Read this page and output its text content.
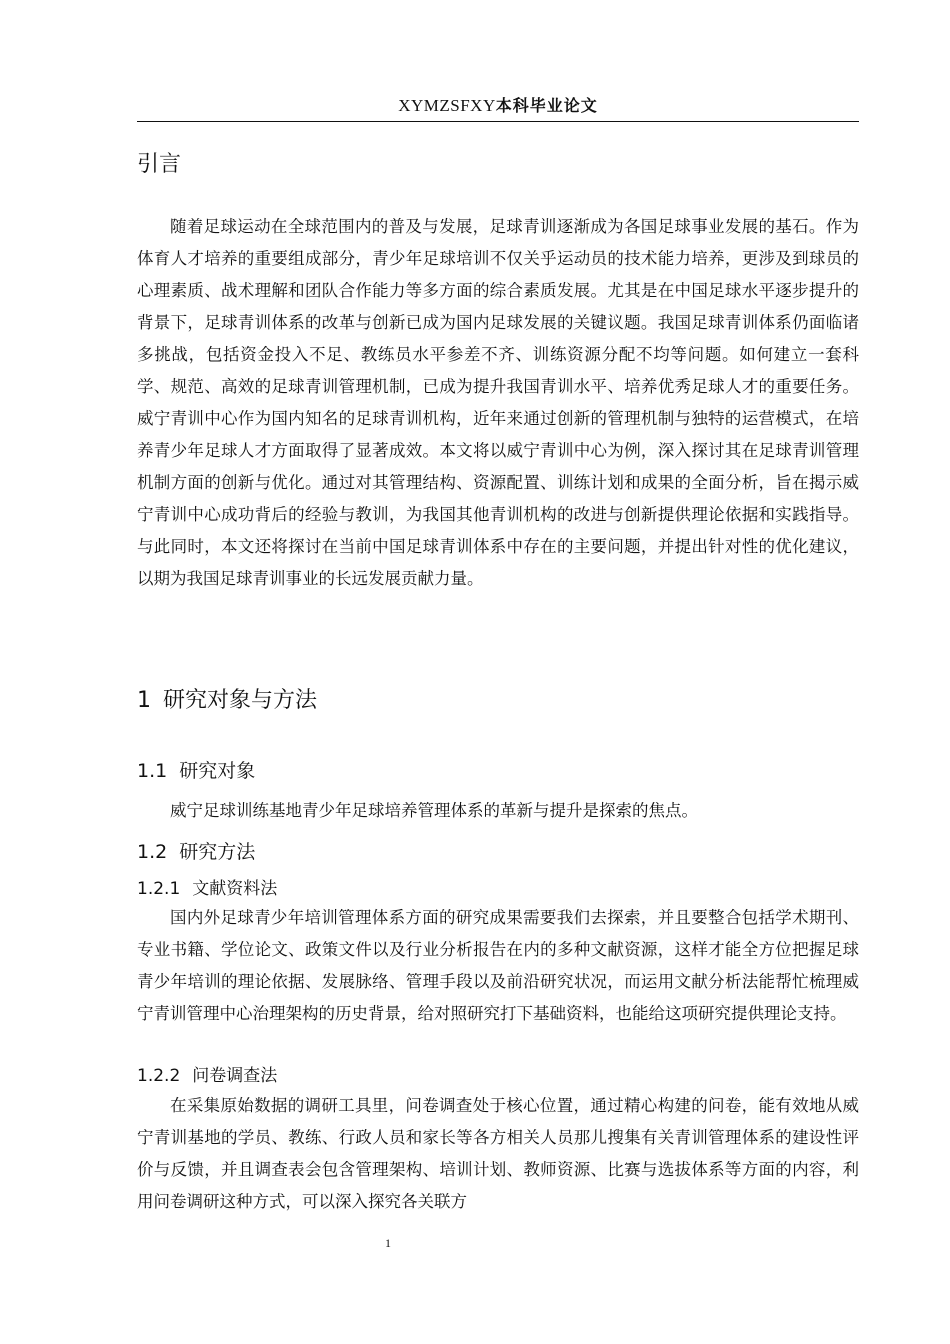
XYMZSFXY本科毕业论文
引言

随着足球运动在全球范围内的普及与发展，足球青训逐渐成为各国足球事业发展的基石。作为体育人才培养的重要组成部分，青少年足球培训不仅关乎运动员的技术能力培养，更涉及到球员的心理素质、战术理解和团队合作能力等多方面的综合素质发展。尤其是在中国足球水平逐步提升的背景下，足球青训体系的改革与创新已成为国内足球发展的关键议题。我国足球青训体系仍面临诸多挑战，包括资金投入不足、教练员水平参差不齐、训练资源分配不均等问题。如何建立一套科学、规范、高效的足球青训管理机制，已成为提升我国青训水平、培养优秀足球人才的重要任务。威宁青训中心作为国内知名的足球青训机构，近年来通过创新的管理机制与独特的运营模式，在培养青少年足球人才方面取得了显著成效。本文将以威宁青训中心为例，深入探讨其在足球青训管理机制方面的创新与优化。通过对其管理结构、资源配置、训练计划和成果的全面分析，旨在揭示威宁青训中心成功背后的经验与教训，为我国其他青训机构的改进与创新提供理论依据和实践指导。与此同时，本文还将探讨在当前中国足球青训体系中存在的主要问题，并提出针对性的优化建议，以期为我国足球青训事业的长远发展贡献力量。

1 研究对象与方法
1.1 研究对象

威宁足球训练基地青少年足球培养管理体系的革新与提升是探索的焦点。

1.2 研究方法
1.2.1 文献资料法

国内外足球青少年培训管理体系方面的研究成果需要我们去探索，并且要整合包括学术期刊、专业书籍、学位论文、政策文件以及行业分析报告在内的多种文献资源，这样才能全方位把握足球青少年培训的理论依据、发展脉络、管理手段以及前沿研究状况，而运用文献分析法能帮忙梳理威宁青训管理中心治理架构的历史背景，给对照研究打下基础资料，也能给这项研究提供理论支持。

1.2.2 问卷调查法

在采集原始数据的调研工具里，问卷调查处于核心位置，通过精心构建的问卷，能有效地从威宁青训基地的学员、教练、行政人员和家长等各方相关人员那儿搜集有关青训管理体系的建设性评价与反馈，并且调查表会包含管理架构、培训计划、教师资源、比赛与选拔体系等方面的内容，利用问卷调研这种方式，可以深入探究各关联方

1
